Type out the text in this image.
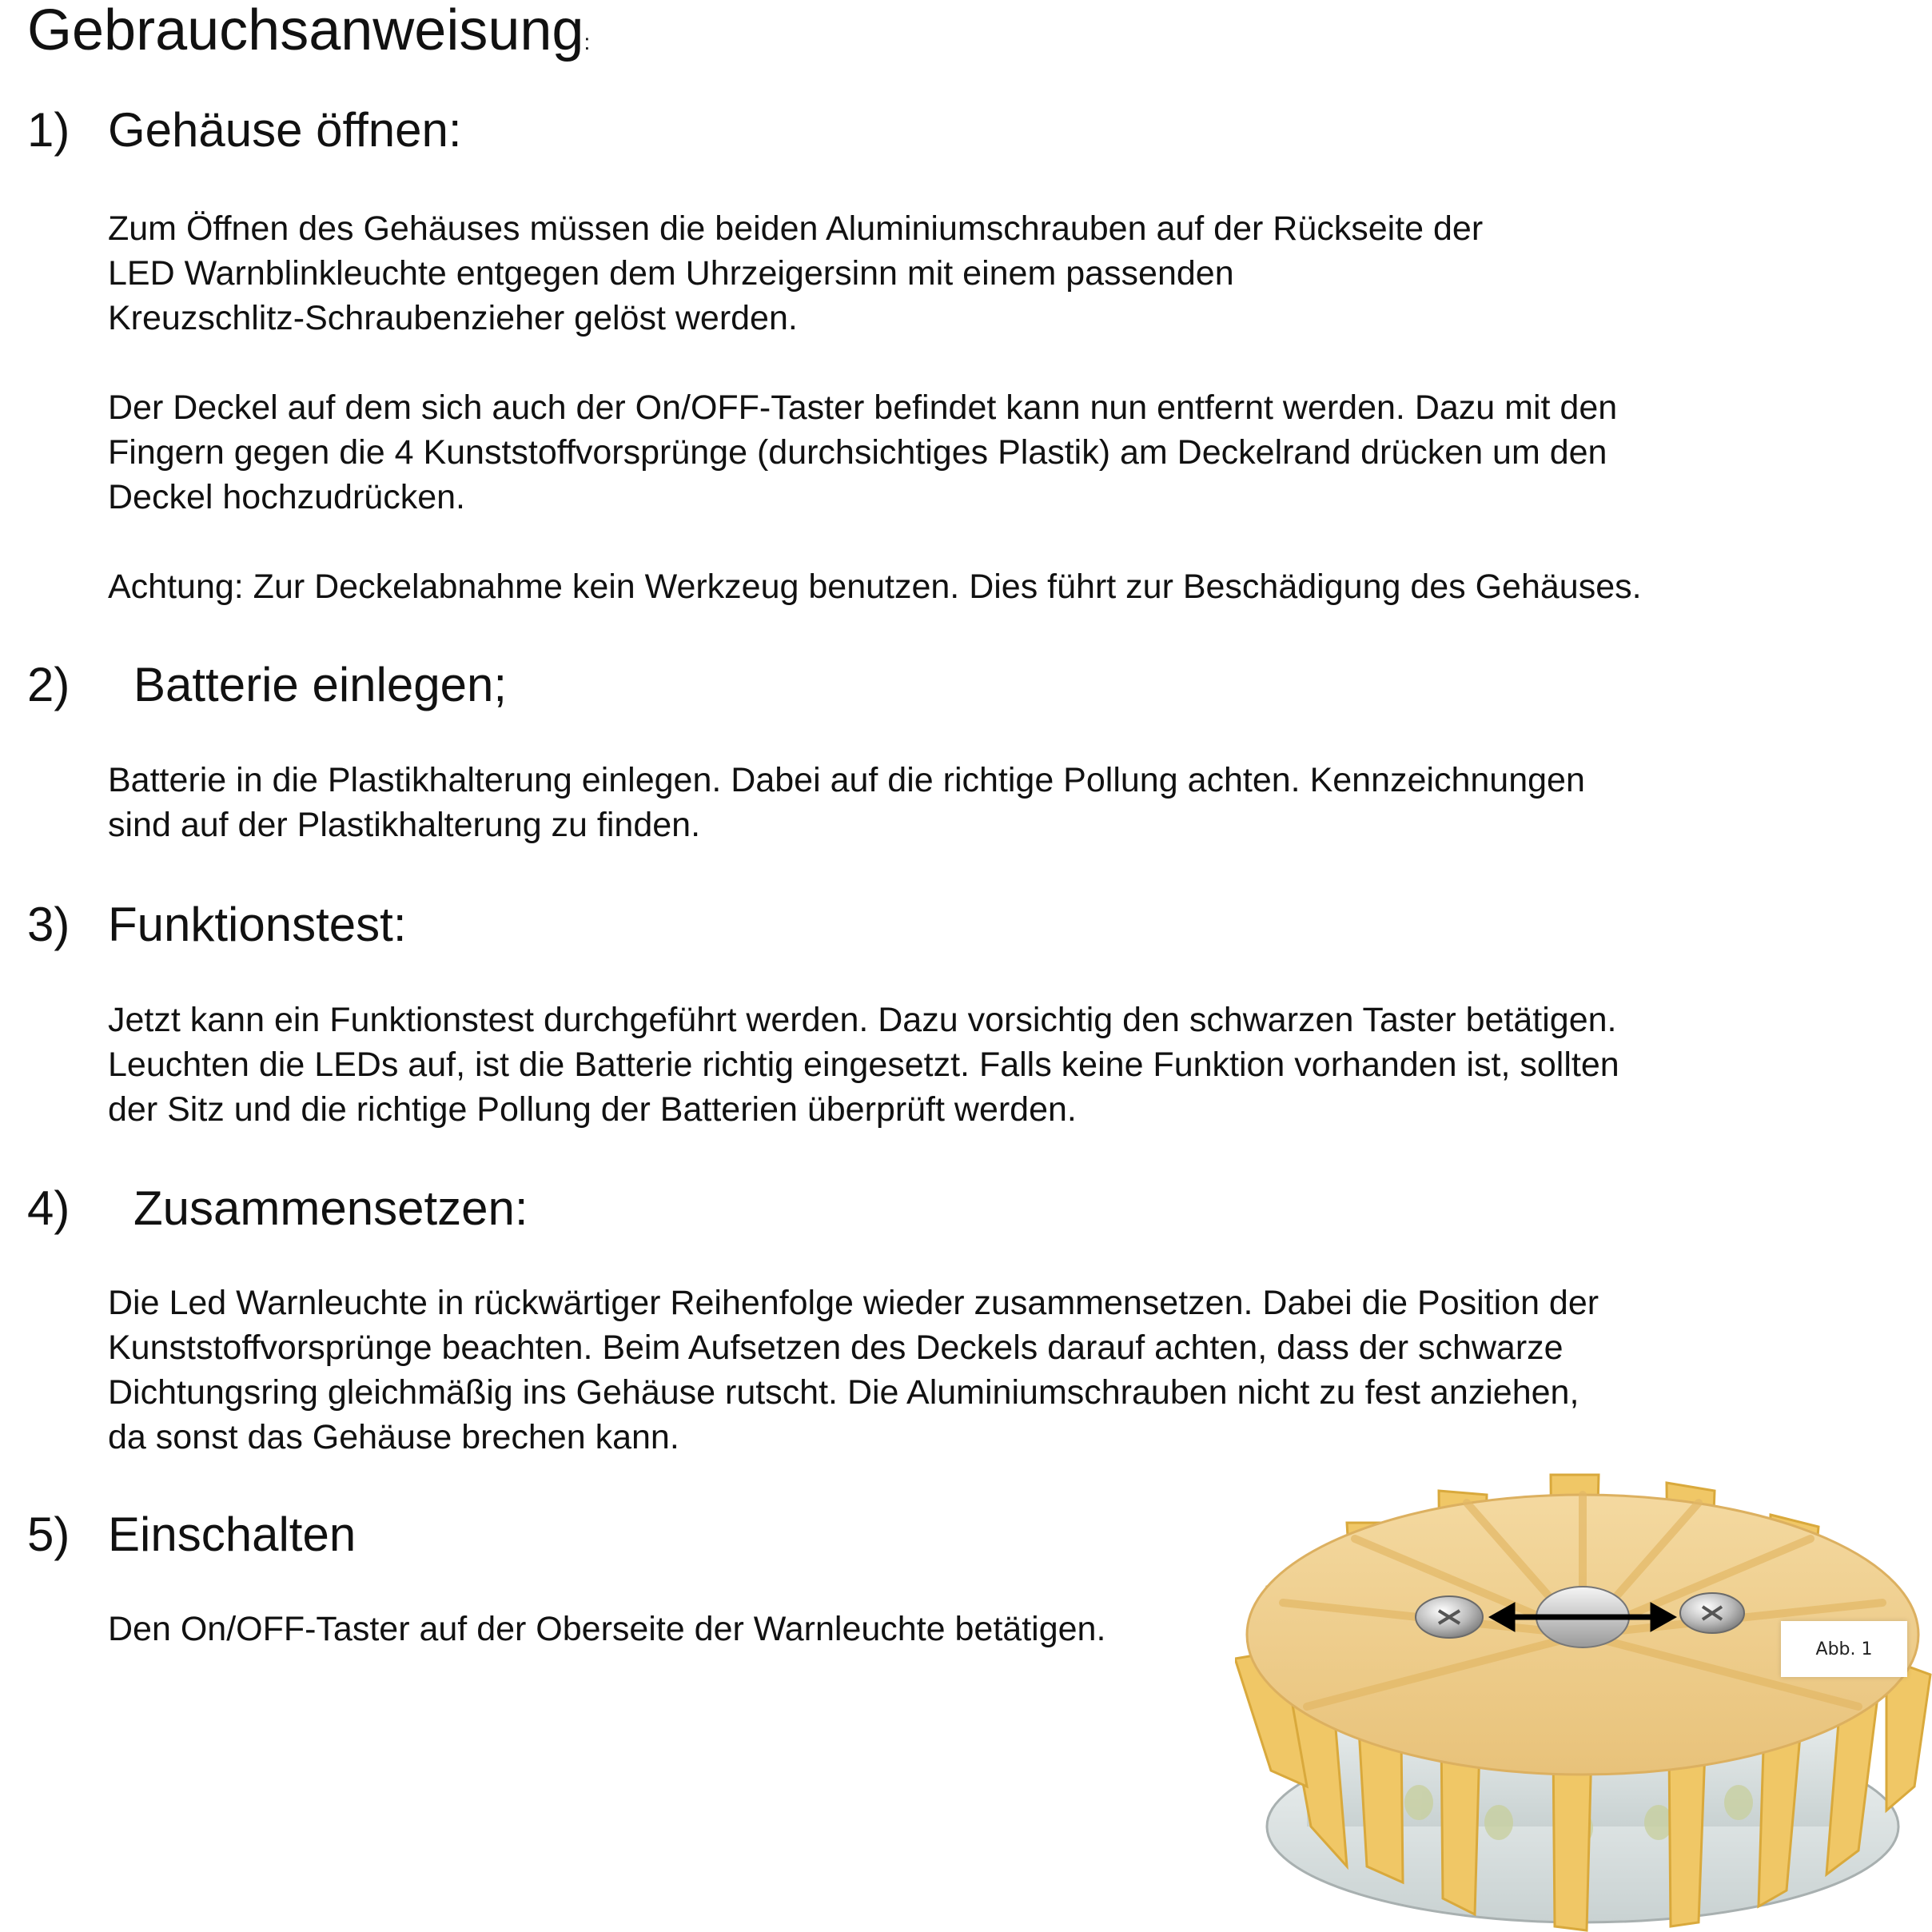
Gebrauchsanweisung:
1) Gehäuse öffnen:
Zum Öffnen des Gehäuses müssen die beiden Aluminiumschrauben auf der Rückseite der
LED Warnblinkleuchte entgegen dem Uhrzeigersinn mit einem passenden
Kreuzschlitz-Schraubenzieher gelöst werden.
Der Deckel auf dem sich auch der On/OFF-Taster befindet kann nun entfernt werden. Dazu mit den
Fingern gegen die 4 Kunststoffvorsprünge (durchsichtiges Plastik) am Deckelrand drücken um den
Deckel hochzudrücken.
Achtung: Zur Deckelabnahme kein Werkzeug benutzen. Dies führt zur Beschädigung des Gehäuses.
2) Batterie einlegen;
Batterie in die Plastikhalterung einlegen. Dabei auf die richtige Pollung achten. Kennzeichnungen
sind auf der Plastikhalterung zu finden.
3) Funktionstest:
Jetzt kann ein Funktionstest durchgeführt werden. Dazu vorsichtig den schwarzen Taster betätigen.
Leuchten die LEDs auf, ist die Batterie richtig eingesetzt. Falls keine Funktion vorhanden ist, sollten
der Sitz und die richtige Pollung der Batterien überprüft werden.
4) Zusammensetzen:
Die Led Warnleuchte in rückwärtiger Reihenfolge wieder zusammensetzen. Dabei die Position der
Kunststoffvorsprünge beachten. Beim Aufsetzen des Deckels darauf achten, dass der schwarze
Dichtungsring gleichmäßig ins Gehäuse rutscht. Die Aluminiumschrauben nicht zu fest anziehen,
da sonst das Gehäuse brechen kann.
5) Einschalten
Den On/OFF-Taster auf der Oberseite der Warnleuchte betätigen.
Abb. 1
